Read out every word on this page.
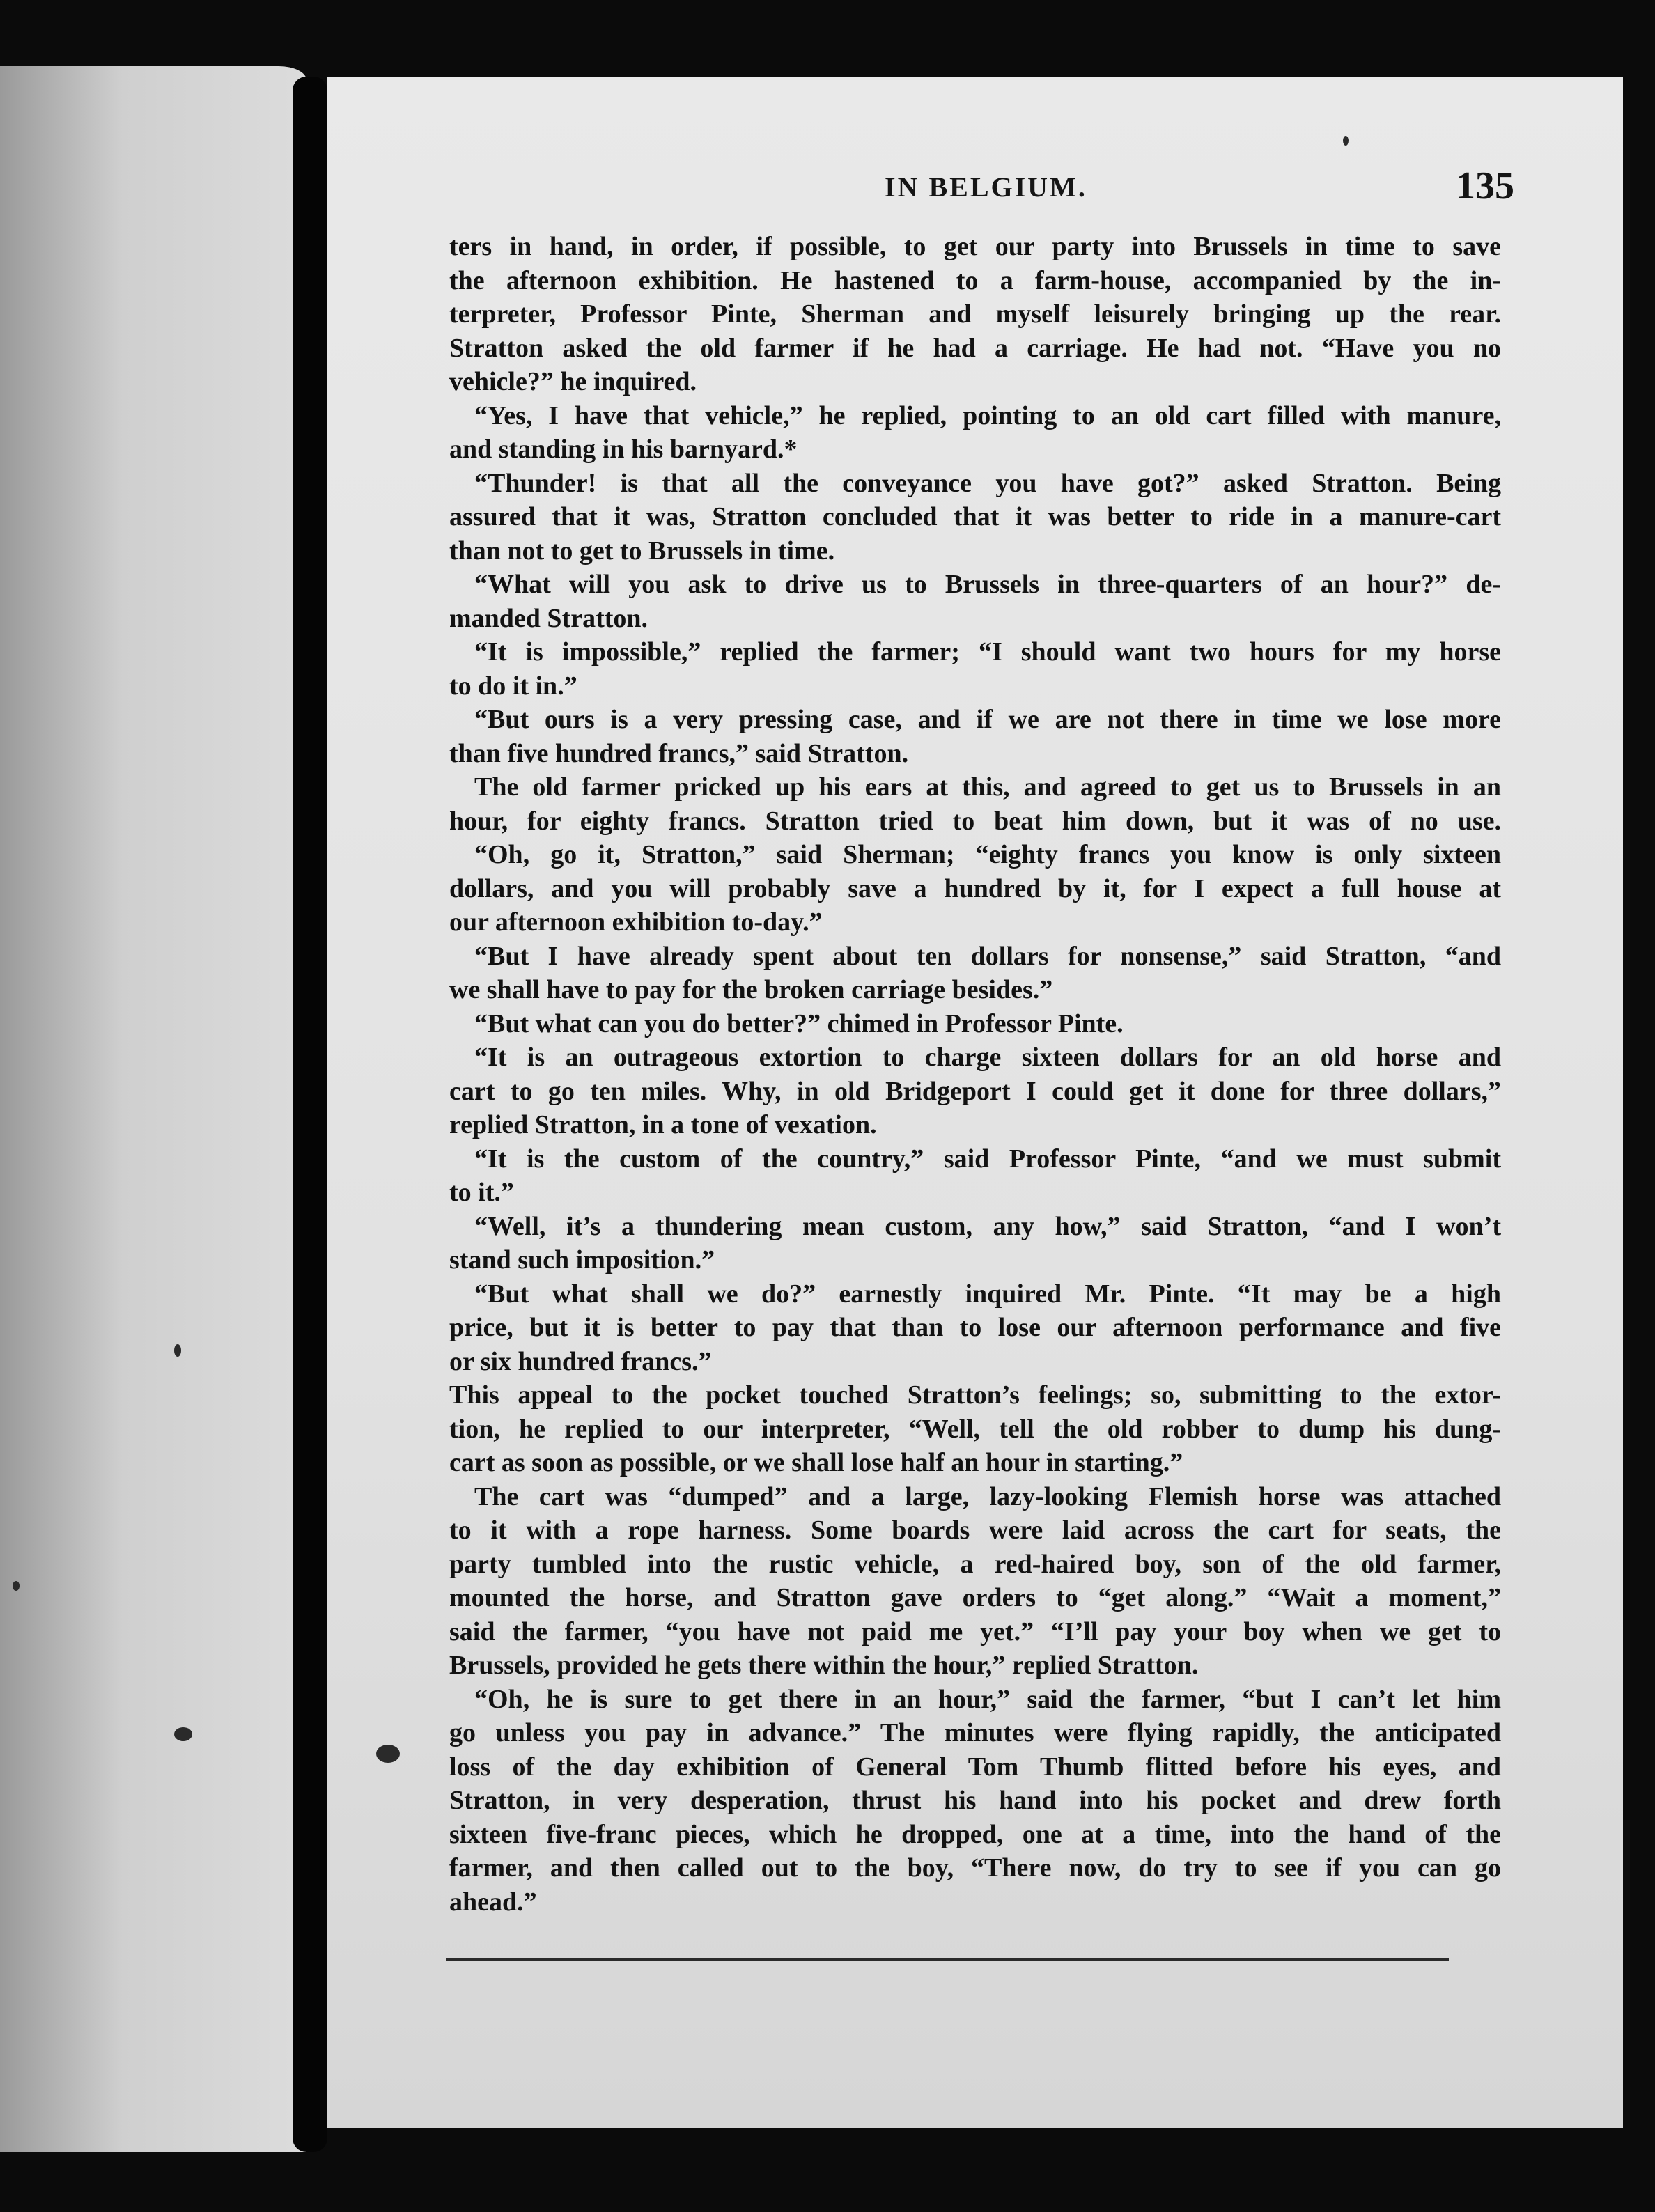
IN BELGIUM.	135
ters in hand, in order, if possible, to get our party into Brussels in time to save
the afternoon exhibition. He hastened to a farm-house, accompanied by the in-
terpreter, Professor Pinte, Sherman and myself leisurely bringing up the rear.
Stratton asked the old farmer if he had a carriage. He had not. “Have you no
vehicle?” he inquired.
“Yes, I have that vehicle,” he replied, pointing to an old cart filled with manure,
and standing in his barnyard.*
“Thunder! is that all the conveyance you have got?” asked Stratton. Being
assured that it was, Stratton concluded that it was better to ride in a manure-cart
than not to get to Brussels in time.
“What will you ask to drive us to Brussels in three-quarters of an hour?” de-
manded Stratton.
“It is impossible,” replied the farmer; “I should want two hours for my horse
to do it in.”
“But ours is a very pressing case, and if we are not there in time we lose more
than five hundred francs,” said Stratton.
The old farmer pricked up his ears at this, and agreed to get us to Brussels in an
hour, for eighty francs. Stratton tried to beat him down, but it was of no use.
“Oh, go it, Stratton,” said Sherman; “eighty francs you know is only sixteen
dollars, and you will probably save a hundred by it, for I expect a full house at
our afternoon exhibition to-day.”
“But I have already spent about ten dollars for nonsense,” said Stratton, “and
we shall have to pay for the broken carriage besides.”
“But what can you do better?” chimed in Professor Pinte.
“It is an outrageous extortion to charge sixteen dollars for an old horse and
cart to go ten miles. Why, in old Bridgeport I could get it done for three dollars,”
replied Stratton, in a tone of vexation.
“It is the custom of the country,” said Professor Pinte, “and we must submit
to it.”
“Well, it’s a thundering mean custom, any how,” said Stratton, “and I won’t
stand such imposition.”
“But what shall we do?” earnestly inquired Mr. Pinte. “It may be a high
price, but it is better to pay that than to lose our afternoon performance and five
or six hundred francs.”
This appeal to the pocket touched Stratton’s feelings; so, submitting to the extor-
tion, he replied to our interpreter, “Well, tell the old robber to dump his dung-
cart as soon as possible, or we shall lose half an hour in starting.”
The cart was “dumped” and a large, lazy-looking Flemish horse was attached
to it with a rope harness. Some boards were laid across the cart for seats, the
party tumbled into the rustic vehicle, a red-haired boy, son of the old farmer,
mounted the horse, and Stratton gave orders to “get along.” “Wait a moment,”
said the farmer, “you have not paid me yet.” “I’ll pay your boy when we get to
Brussels, provided he gets there within the hour,” replied Stratton.
“Oh, he is sure to get there in an hour,” said the farmer, “but I can’t let him
go unless you pay in advance.” The minutes were flying rapidly, the anticipated
loss of the day exhibition of General Tom Thumb flitted before his eyes, and
Stratton, in very desperation, thrust his hand into his pocket and drew forth
sixteen five-franc pieces, which he dropped, one at a time, into the hand of the
farmer, and then called out to the boy, “There now, do try to see if you can go
ahead.”
